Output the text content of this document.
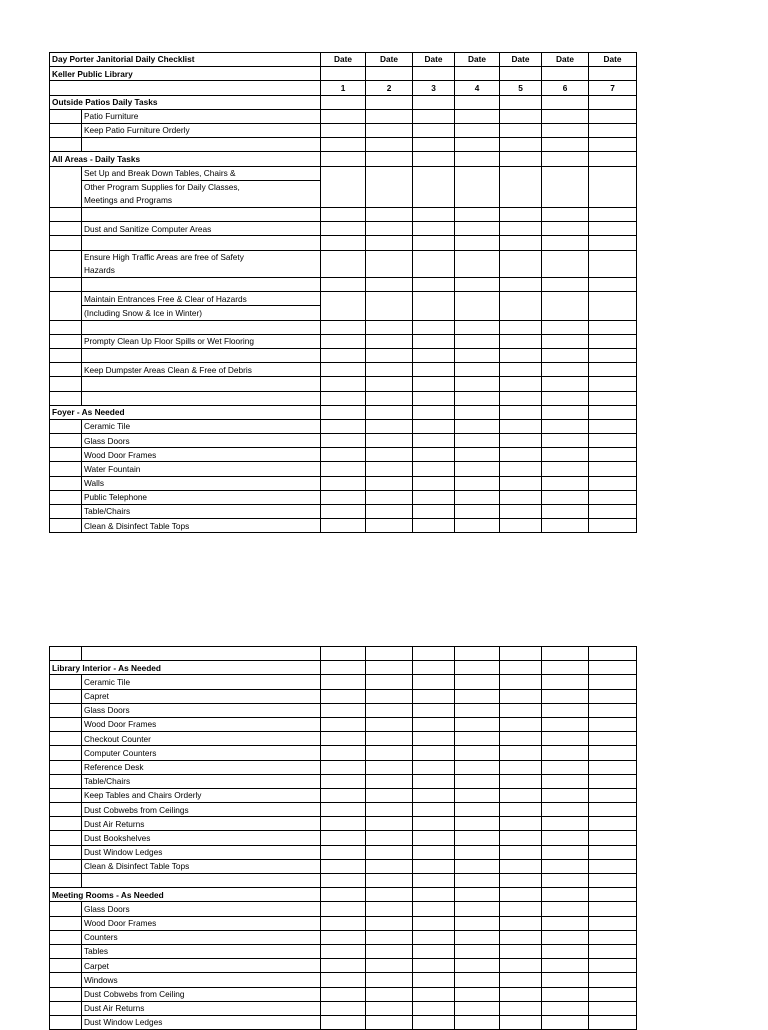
Day Porter Janitorial Daily Checklist		Date	Date	Date	Date	Date	Date	Date
Keller Public Library								
		1	2	3	4	5	6	7
Outside Patios Daily Tasks								
	Patio Furniture							
	Keep Patio Furniture Orderly							

All Areas - Daily Tasks								
	Set Up and Break Down Tables, Chairs &							
	Other Program Supplies for Daily Classes,							
	Meetings and Programs							

	Dust and Sanitize Computer Areas							

	Ensure High Traffic Areas are free of Safety							
	Hazards							

	Maintain Entrances Free & Clear of Hazards							
	(Including Snow & Ice in Winter)							

	Prompty Clean Up Floor Spills or Wet Flooring							

	Keep Dumpster Areas Clean & Free of Debris							

Foyer - As Needed								
	Ceramic Tile							
	Glass Doors							
	Wood Door Frames							
	Water Fountain							
	Walls							
	Public Telephone							
	Table/Chairs							
	Clean & Disinfect Table Tops							

Library Interior - As Needed								
	Ceramic Tile							
	Capret							
	Glass Doors							
	Wood Door Frames							
	Checkout Counter							
	Computer Counters							
	Reference Desk							
	Table/Chairs							
	Keep Tables and Chairs Orderly							
	Dust Cobwebs from Ceilings							
	Dust Air Returns							
	Dust Bookshelves							
	Dust Window Ledges							
	Clean & Disinfect Table Tops							

Meeting Rooms - As Needed								
	Glass Doors							
	Wood Door Frames							
	Counters							
	Tables							
	Carpet							
	Windows							
	Dust Cobwebs from Ceiling							
	Dust Air Returns							
	Dust Window Ledges							
